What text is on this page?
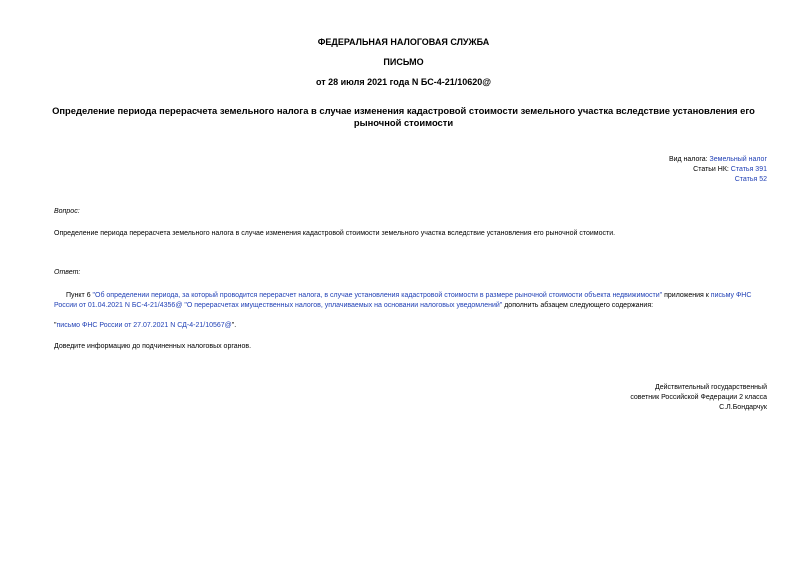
ФЕДЕРАЛЬНАЯ НАЛОГОВАЯ СЛУЖБА
ПИСЬМО
от 28 июля 2021 года N БС-4-21/10620@
Определение периода перерасчета земельного налога в случае изменения кадастровой стоимости земельного участка вследствие установления его рыночной стоимости
Вид налога: Земельный налог
Статьи НК: Статья 391
Статья 52
Вопрос:
Определение периода перерасчета земельного налога в случае изменения кадастровой стоимости земельного участка вследствие установления его рыночной стоимости.
Ответ:
Пункт 6 "Об определении периода, за который проводится перерасчет налога, в случае установления кадастровой стоимости в размере рыночной стоимости объекта недвижимости" приложения к письму ФНС России от 01.04.2021 N БС-4-21/4356@ "О перерасчетах имущественных налогов, уплачиваемых на основании налоговых уведомлений" дополнить абзацем следующего содержания:
"письмо ФНС России от 27.07.2021 N СД-4-21/10567@".
Доведите информацию до подчиненных налоговых органов.
Действительный государственный
советник Российской Федерации 2 класса
С.Л.Бондарчук
